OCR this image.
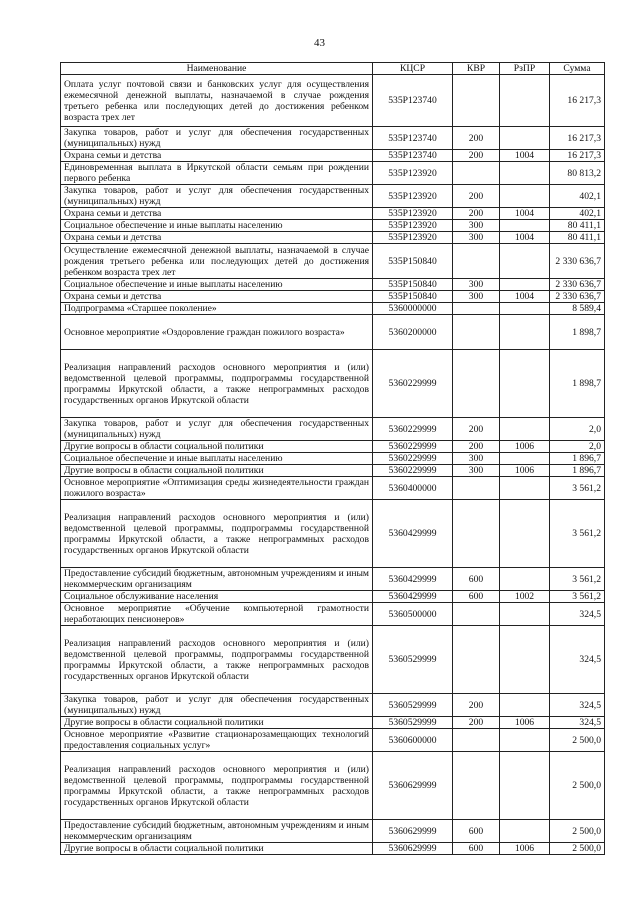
43
Наименование	КЦСР	КВР	РзПР	Сумма
Оплата услуг почтовой связи и банковских услуг для осуществления ежемесячной денежной выплаты, назначаемой в случае рождения третьего ребенка или последующих детей до достижения ребенком возраста трех лет	535P123740			16 217,3
Закупка товаров, работ и услуг для обеспечения государственных (муниципальных) нужд	535P123740	200		16 217,3
Охрана семьи и детства	535P123740	200	1004	16 217,3
Единовременная выплата в Иркутской области семьям при рождении первого ребенка	535P123920			80 813,2
Закупка товаров, работ и услуг для обеспечения государственных (муниципальных) нужд	535P123920	200		402,1
Охрана семьи и детства	535P123920	200	1004	402,1
Социальное обеспечение и иные выплаты населению	535P123920	300		80 411,1
Охрана семьи и детства	535P123920	300	1004	80 411,1
Осуществление ежемесячной денежной выплаты, назначаемой в случае рождения третьего ребенка или последующих детей до достижения ребенком возраста трех лет	535P150840			2 330 636,7
Социальное обеспечение и иные выплаты населению	535P150840	300		2 330 636,7
Охрана семьи и детства	535P150840	300	1004	2 330 636,7
Подпрограмма «Старшее поколение»	5360000000			8 589,4
Основное мероприятие «Оздоровление граждан пожилого возраста»	5360200000			1 898,7
Реализация направлений расходов основного мероприятия и (или) ведомственной целевой программы, подпрограммы государственной программы Иркутской области, а также непрограммных расходов государственных органов Иркутской области	5360229999			1 898,7
Закупка товаров, работ и услуг для обеспечения государственных (муниципальных) нужд	5360229999	200		2,0
Другие вопросы в области социальной политики	5360229999	200	1006	2,0
Социальное обеспечение и иные выплаты населению	5360229999	300		1 896,7
Другие вопросы в области социальной политики	5360229999	300	1006	1 896,7
Основное мероприятие «Оптимизация среды жизнедеятельности граждан пожилого возраста»	5360400000			3 561,2
Реализация направлений расходов основного мероприятия и (или) ведомственной целевой программы, подпрограммы государственной программы Иркутской области, а также непрограммных расходов государственных органов Иркутской области	5360429999			3 561,2
Предоставление субсидий бюджетным, автономным учреждениям и иным некоммерческим организациям	5360429999	600		3 561,2
Социальное обслуживание населения	5360429999	600	1002	3 561,2
Основное мероприятие «Обучение компьютерной грамотности неработающих пенсионеров»	5360500000			324,5
Реализация направлений расходов основного мероприятия и (или) ведомственной целевой программы, подпрограммы государственной программы Иркутской области, а также непрограммных расходов государственных органов Иркутской области	5360529999			324,5
Закупка товаров, работ и услуг для обеспечения государственных (муниципальных) нужд	5360529999	200		324,5
Другие вопросы в области социальной политики	5360529999	200	1006	324,5
Основное мероприятие «Развитие стационарозамещающих технологий предоставления социальных услуг»	5360600000			2 500,0
Реализация направлений расходов основного мероприятия и (или) ведомственной целевой программы, подпрограммы государственной программы Иркутской области, а также непрограммных расходов государственных органов Иркутской области	5360629999			2 500,0
Предоставление субсидий бюджетным, автономным учреждениям и иным некоммерческим организациям	5360629999	600		2 500,0
Другие вопросы в области социальной политики	5360629999	600	1006	2 500,0
